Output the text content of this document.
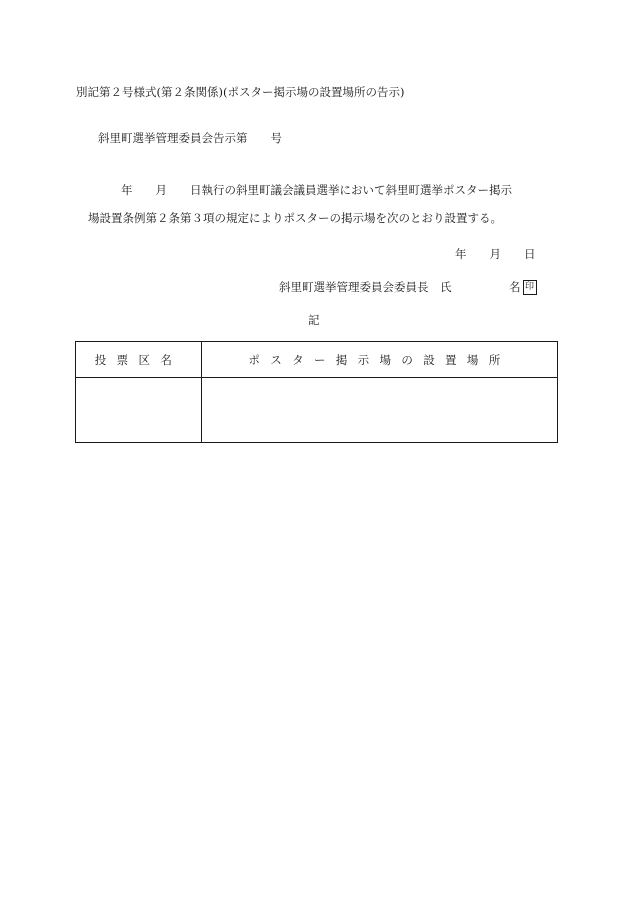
別記第２号様式(第２条関係)(ポスター掲示場の設置場所の告示)
斜里町選挙管理委員会告示第　　号
　　年　　月　　日執行の斜里町議会議員選挙において斜里町選挙ポスター掲示
場設置条例第２条第３項の規定によりポスターの掲示場を次のとおり設置する。
年　　月　　日
斜里町選挙管理委員会委員長　氏　　　　　名 印
記
投票区名	ポスター掲示場の設置場所
